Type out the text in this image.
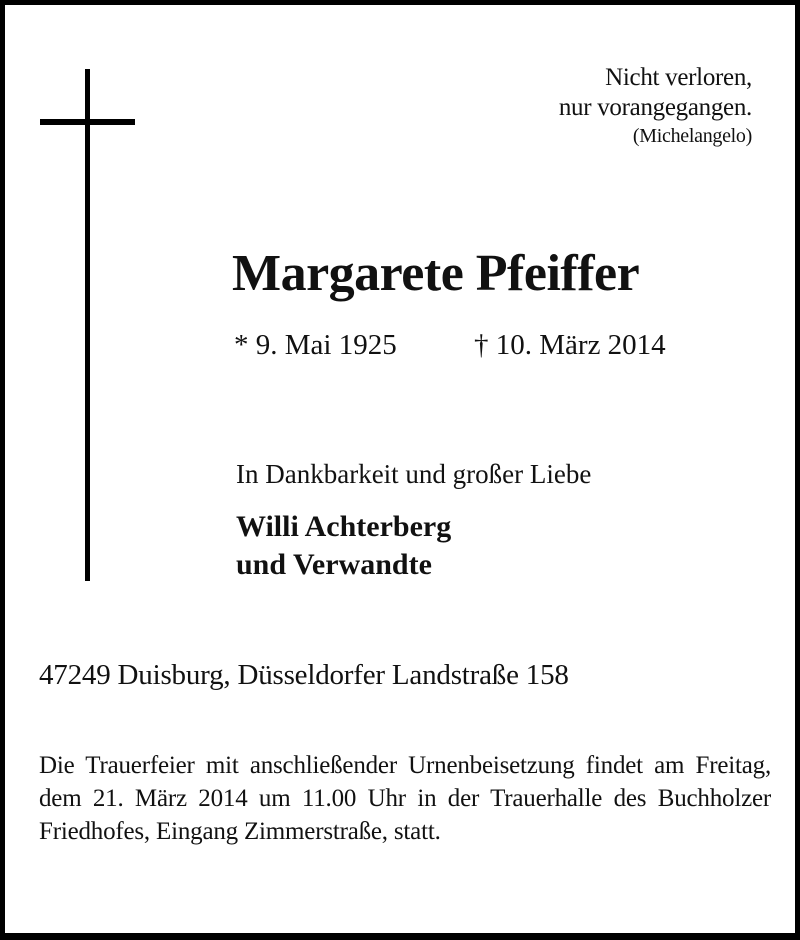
Nicht verloren,
nur vorangegangen.
(Michelangelo)
Margarete Pfeiffer
* 9. Mai 1925	† 10. März 2014
In Dankbarkeit und großer Liebe
Willi Achterberg
und Verwandte
47249 Duisburg, Düsseldorfer Landstraße 158
Die Trauerfeier mit anschließender Urnenbeisetzung findet am Freitag, dem 21. März 2014 um 11.00 Uhr in der Trauerhalle des Buchholzer Friedhofes, Eingang Zimmerstraße, statt.
